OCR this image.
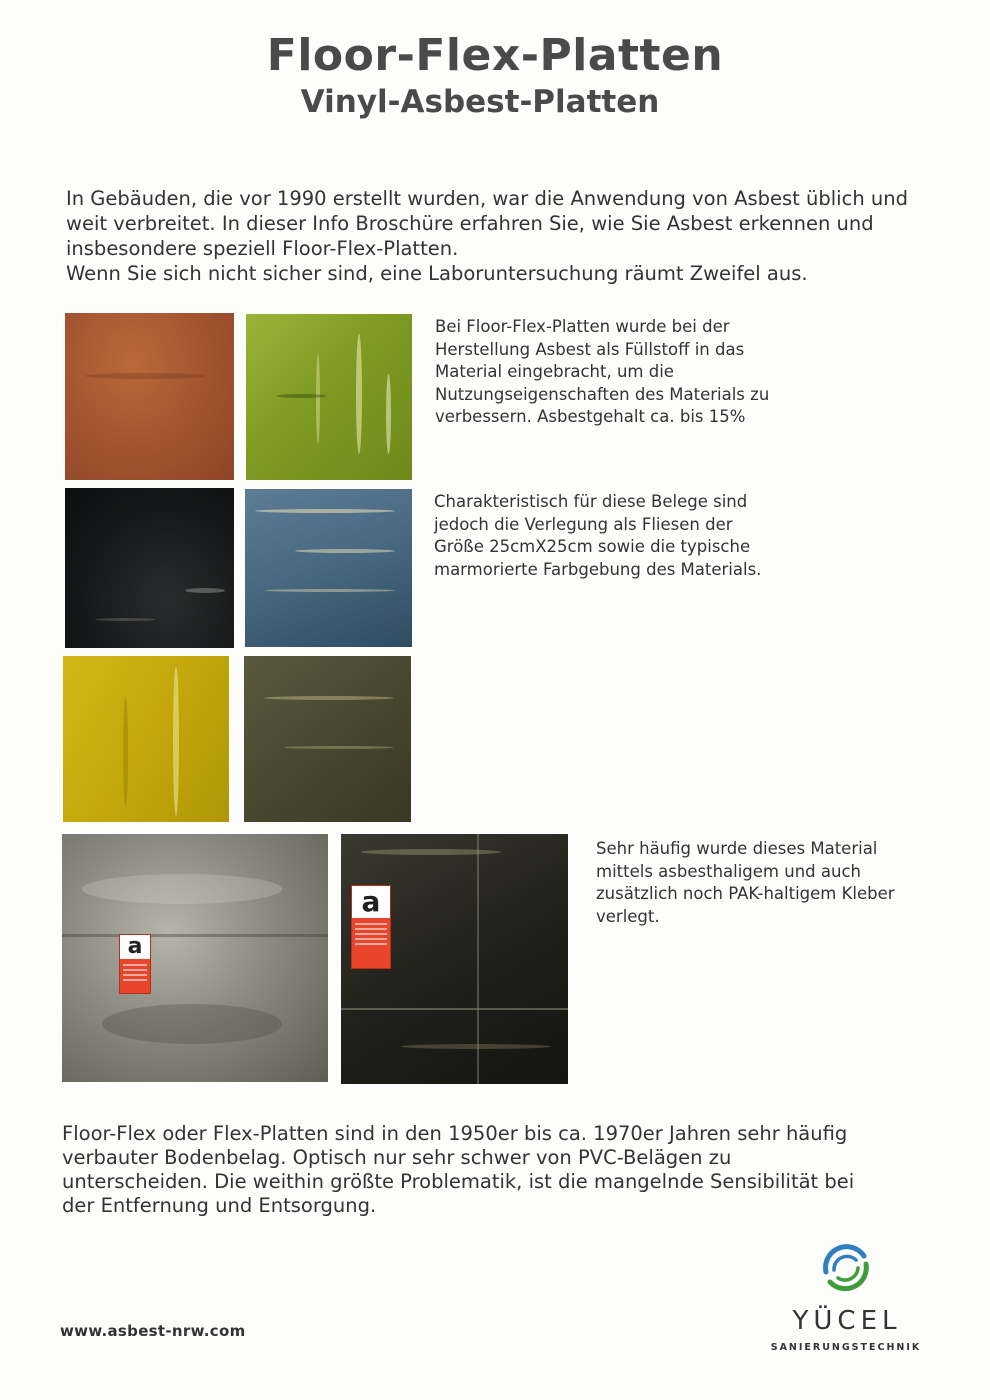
Floor-Flex-Platten
Vinyl-Asbest-Platten

In Gebäuden, die vor 1990 erstellt wurden, war die Anwendung von Asbest üblich und weit verbreitet. In dieser Info Broschüre erfahren Sie, wie Sie Asbest erkennen und insbesondere speziell Floor-Flex-Platten.

Wenn Sie sich nicht sicher sind, eine Laboruntersuchung räumt Zweifel aus.

Bei Floor-Flex-Platten wurde bei der Herstellung Asbest als Füllstoff in das Material eingebracht, um die Nutzungseigenschaften des Materials zu verbessern. Asbestgehalt ca. bis 15%
Charakteristisch für diese Belege sind jedoch die Verlegung als Fliesen der Größe 25cmX25cm sowie die typische marmorierte Farbgebung des Materials.
a
a
Sehr häufig wurde dieses Material mittels asbesthaligem und auch zusätzlich noch PAK-haltigem Kleber verlegt.
Floor-Flex oder Flex-Platten sind in den 1950er bis ca. 1970er Jahren sehr häufig verbauter Bodenbelag. Optisch nur sehr schwer von PVC-Belägen zu unterscheiden. Die weithin größte Problematik, ist die mangelnde Sensibilität bei der Entfernung und Entsorgung.
www.asbest-nrw.com	YÜCEL
SANIERUNGSTECHNIK
